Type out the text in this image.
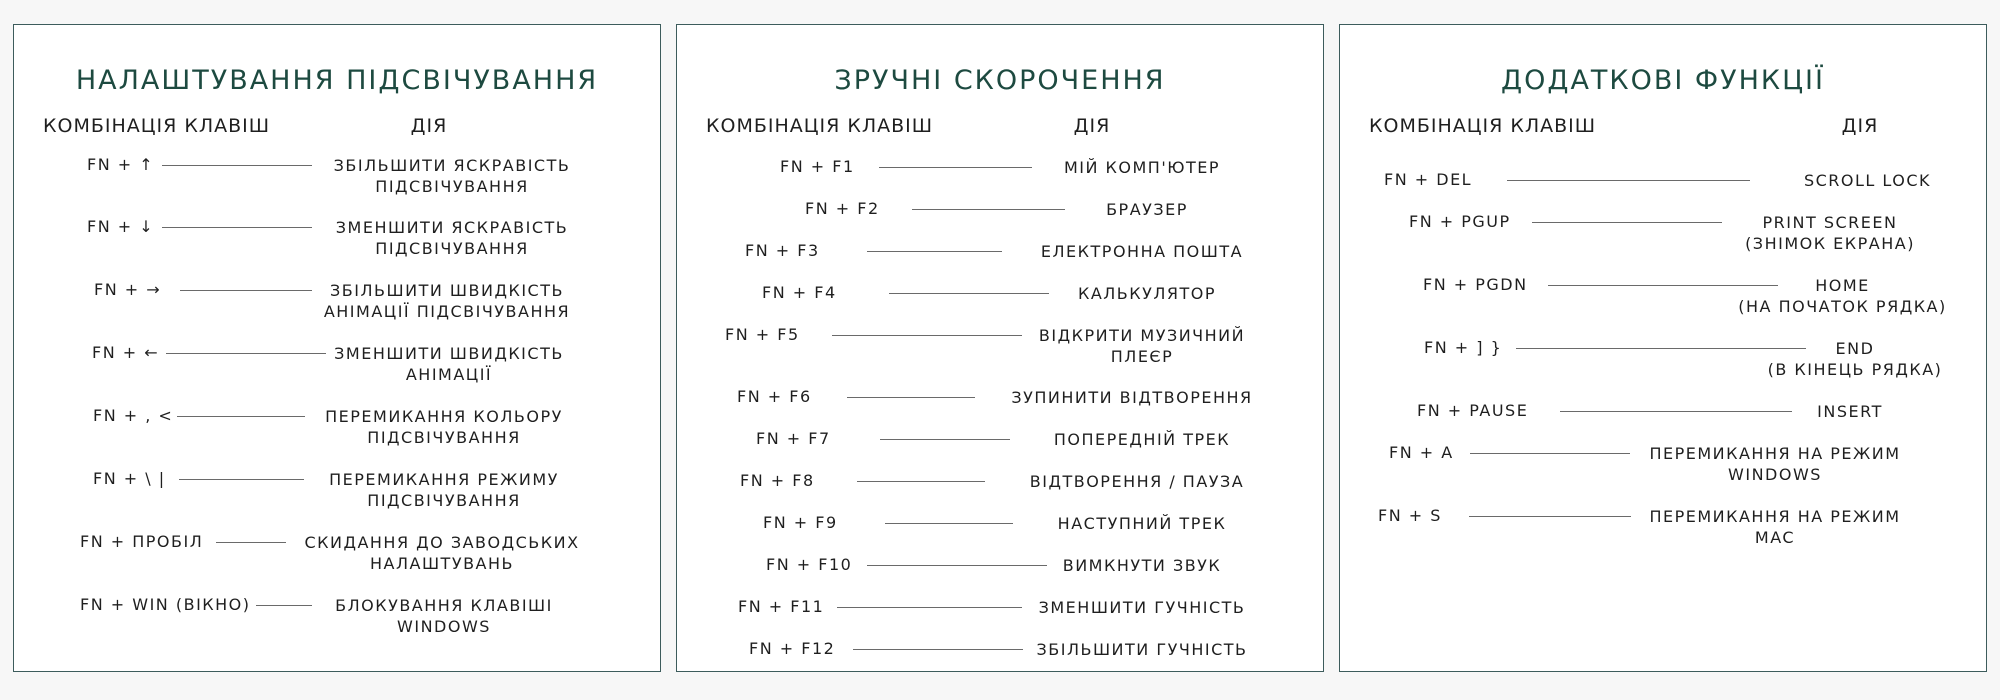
НАЛАШТУВАННЯ ПІДСВІЧУВАННЯ
КОМБІНАЦІЯ КЛАВІШ	ДІЯ
FN + ↑	ЗБІЛЬШИТИ ЯСКРАВІСТЬ
ПІДСВІЧУВАННЯ
FN + ↓	ЗМЕНШИТИ ЯСКРАВІСТЬ
ПІДСВІЧУВАННЯ
FN + →	ЗБІЛЬШИТИ ШВИДКІСТЬ
АНІМАЦІЇ ПІДСВІЧУВАННЯ
FN + ←	ЗМЕНШИТИ ШВИДКІСТЬ
АНІМАЦІЇ
FN + , <	ПЕРЕМИКАННЯ КОЛЬОРУ
ПІДСВІЧУВАННЯ
FN + \ |	ПЕРЕМИКАННЯ РЕЖИМУ
ПІДСВІЧУВАННЯ
FN + ПРОБІЛ	СКИДАННЯ ДО ЗАВОДСЬКИХ
НАЛАШТУВАНЬ
FN + WIN (ВІКНО)	БЛОКУВАННЯ КЛАВІШІ
WINDOWS
ЗРУЧНІ СКОРОЧЕННЯ
КОМБІНАЦІЯ КЛАВІШ	ДІЯ
FN + F1	МІЙ КОМП'ЮТЕР
FN + F2	БРАУЗЕР
FN + F3	ЕЛЕКТРОННА ПОШТА
FN + F4	КАЛЬКУЛЯТОР
FN + F5	ВІДКРИТИ МУЗИЧНИЙ
ПЛЕЄР
FN + F6	ЗУПИНИТИ ВІДТВОРЕННЯ
FN + F7	ПОПЕРЕДНІЙ ТРЕК
FN + F8	ВІДТВОРЕННЯ / ПАУЗА
FN + F9	НАСТУПНИЙ ТРЕК
FN + F10	ВИМКНУТИ ЗВУК
FN + F11	ЗМЕНШИТИ ГУЧНІСТЬ
FN + F12	ЗБІЛЬШИТИ ГУЧНІСТЬ
ДОДАТКОВІ ФУНКЦІЇ
КОМБІНАЦІЯ КЛАВІШ	ДІЯ
FN + DEL	SCROLL LOCK
FN + PGUP	PRINT SCREEN
(ЗНІМОК ЕКРАНА)
FN + PGDN	HOME
(НА ПОЧАТОК РЯДКА)
FN + ] }	END
(В КІНЕЦЬ РЯДКА)
FN + PAUSE	INSERT
FN + A	ПЕРЕМИКАННЯ НА РЕЖИМ
WINDOWS
FN + S	ПЕРЕМИКАННЯ НА РЕЖИМ
MAC
